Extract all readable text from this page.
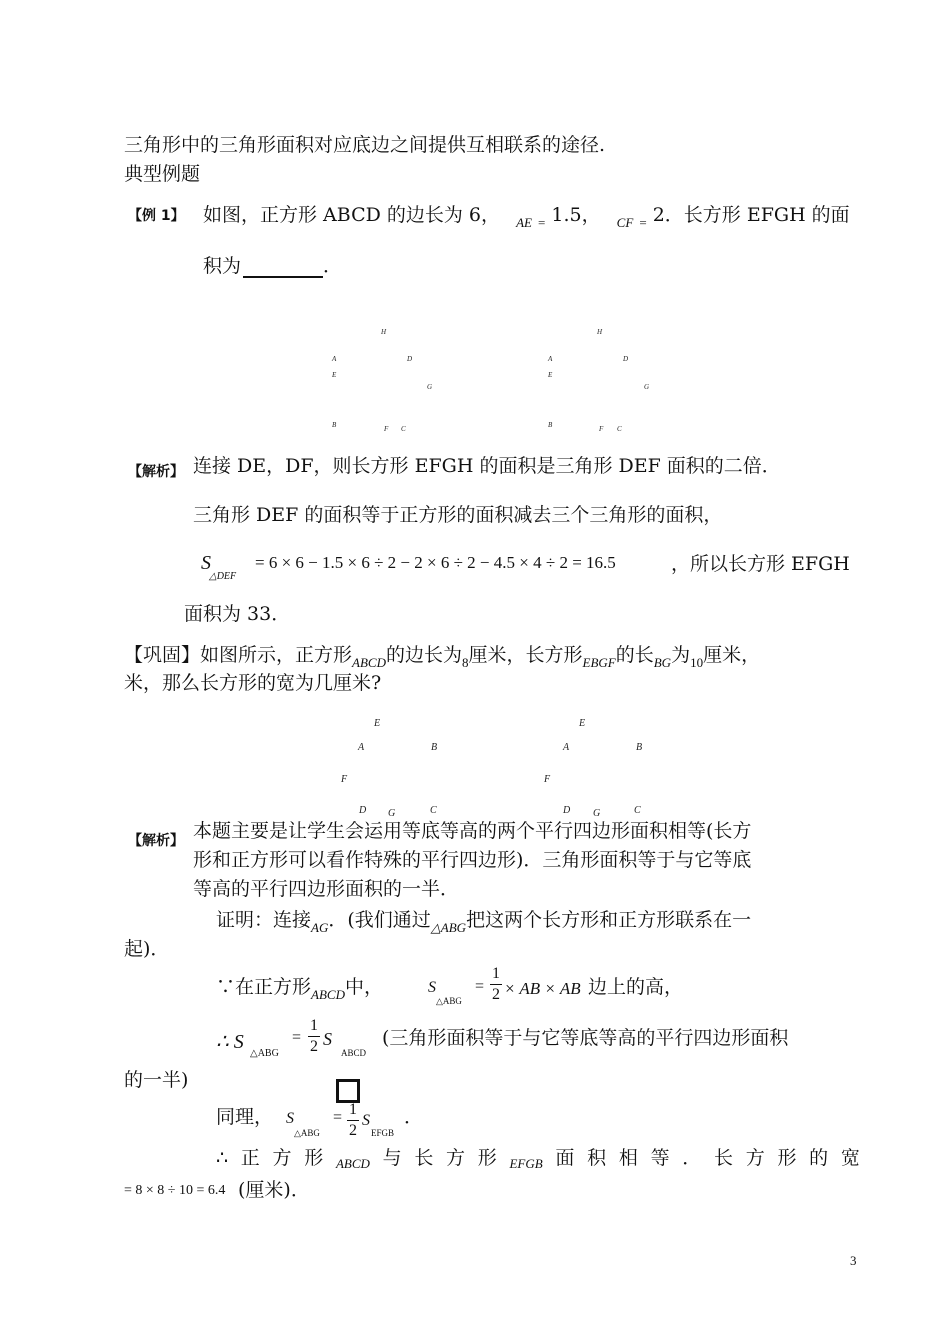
三角形中的三角形面积对应底边之间提供互相联系的途径.
典型例题
【例 1】 如图，正方形 ABCD 的边长为 6， $_{AE}$ $_=$ 1.5， $_{CF}$ $_=$ 2．长方形 EFGH 的面
积为	．
H
A	D
E
G
B	F C
H
A	D
E
G
B	F C
【解析】 连接 DE，DF，则长方形 EFGH 的面积是三角形 DEF 面积的二倍．
三角形 DEF 的面积等于正方形的面积减去三个三角形的面积，
S
△DEF
= 6 × 6 − 1.5 × 6 ÷ 2 − 2 × 6 ÷ 2 − 4.5 × 4 ÷ 2 = 16.5	，所以长方形 EFGH
面积为 33．
【巩固】如图所示，正方形$_{ABCD}$的边长为$_8$厘米，长方形$_{EBGF}$的长$_{BG}$为$_{10}$厘米，
米，那么长方形的宽为几厘米?
E
A	B
F
D G	C
E
A	B
F
D G	C
【解析】 本题主要是让学生会运用等底等高的两个平行四边形面积相等(长方
形和正方形可以看作特殊的平行四边形)．三角形面积等于与它等底
等高的平行四边形面积的一半．
证明：连接$_{AG}$．(我们通过$_{\triangle ABG}$把这两个长方形和正方形联系在一
起)．
∵在正方形$_{ABCD}$中，	S
△ABG
=
1
2 × AB × AB 边上的高，
∴ S
△ABG
=
1
2 S
ABCD
(三角形面积等于与它等底等高的平行四边形面积
的一半)
同理， S
△ABG
= 1
2
S
EFGB
．
∴ 正 方 形 ABCD 与 长 方 形 EFGB 面 积 相 等 ． 长 方 形 的 宽
= 8 × 8 ÷ 10 = 6.4 (厘米)．
3
